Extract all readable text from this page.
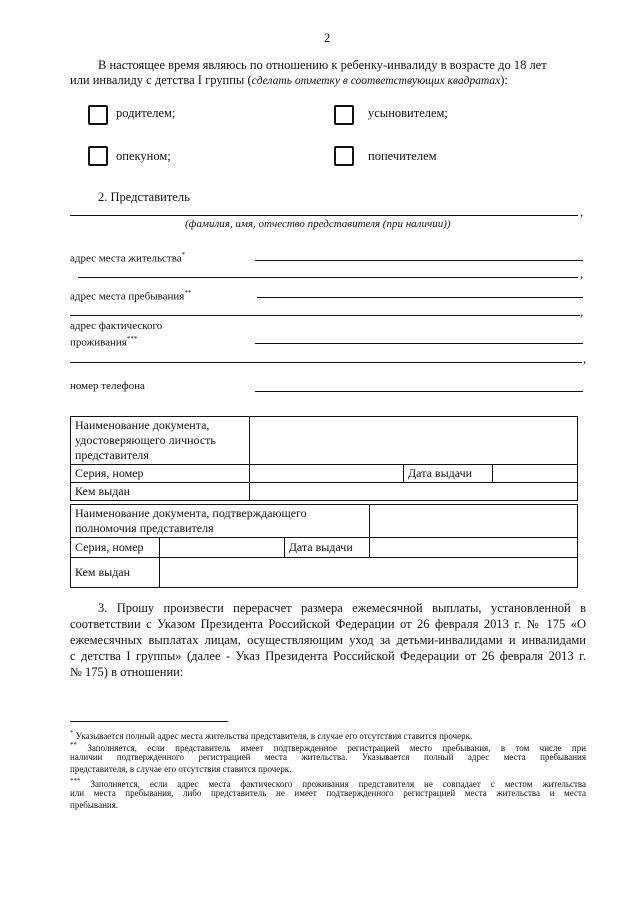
2
В настоящее время являюсь по отношению к ребенку-инвалиду в возрасте до 18 лет
или инвалиду с детства I группы (сделать отметку в соответствующих квадратах):
родителем;	усыновителем;
опекуном;	попечителем
2. Представитель
,
(фамилия, имя, отчество представителя (при наличии))
адрес места жительства*
,
адрес места пребывания**
,
адрес фактического
проживания***
,
номер телефона
Наименование документа, удостоверяющего личность представителя			
Серия, номер		Дата выдачи	
Кем выдан			
Наименование документа, подтверждающего полномочия представителя			
Серия, номер		Дата выдачи	
Кем выдан			
3. Прошу произвести перерасчет размера ежемесячной выплаты, установленной в
соответствии с Указом Президента Российской Федерации от 26 февраля 2013 г. № 175 «О
ежемесячных выплатах лицам, осуществляющим уход за детьми-инвалидами и инвалидами
с детства I группы» (далее - Указ Президента Российской Федерации от 26 февраля 2013 г.
№ 175) в отношении:
* Указывается полный адрес места жительства представителя, в случае его отсутствия ставится прочерк.
** Заполняется, если представитель имеет подтвержденное регистрацией место пребывания, в том числе при
наличии подтвержденного регистрацией места жительства. Указывается полный адрес места пребывания
представителя, в случае его отсутствия ставится прочерк.
*** Заполняется, если адрес места фактического проживания представителя не совпадает с местом жительства
или места пребывания, либо представитель не имеет подтвержденного регистрацией места жительства и места
пребывания.
